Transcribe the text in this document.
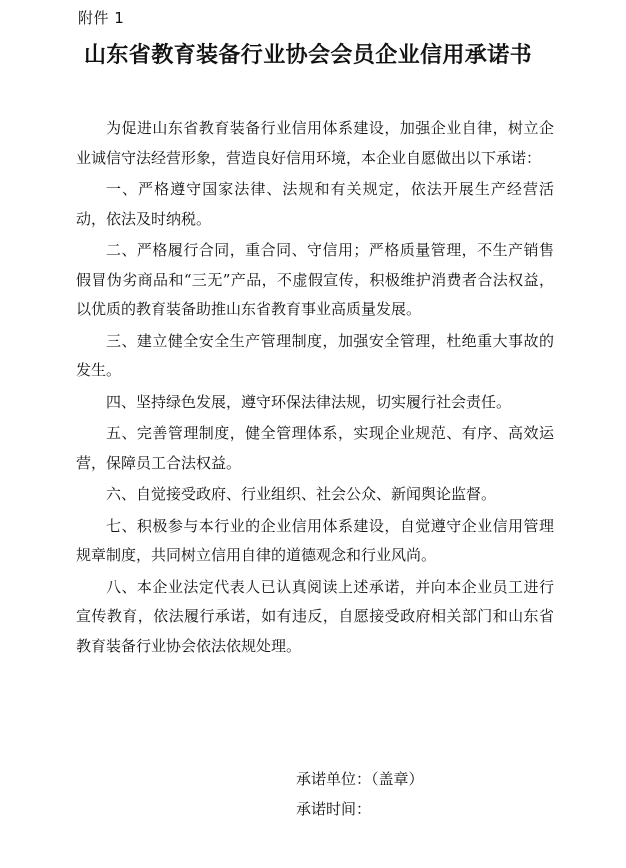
附件 1
山东省教育装备行业协会会员企业信用承诺书

为促进山东省教育装备行业信用体系建设，加强企业自律，树立企业诚信守法经营形象，营造良好信用环境，本企业自愿做出以下承诺：

一、严格遵守国家法律、法规和有关规定，依法开展生产经营活动，依法及时纳税。

二、严格履行合同，重合同、守信用；严格质量管理，不生产销售假冒伪劣商品和“三无”产品，不虚假宣传，积极维护消费者合法权益，以优质的教育装备助推山东省教育事业高质量发展。

三、建立健全安全生产管理制度，加强安全管理，杜绝重大事故的发生。

四、坚持绿色发展，遵守环保法律法规，切实履行社会责任。

五、完善管理制度，健全管理体系，实现企业规范、有序、高效运营，保障员工合法权益。

六、自觉接受政府、行业组织、社会公众、新闻舆论监督。

七、积极参与本行业的企业信用体系建设，自觉遵守企业信用管理规章制度，共同树立信用自律的道德观念和行业风尚。

八、本企业法定代表人已认真阅读上述承诺，并向本企业员工进行宣传教育，依法履行承诺，如有违反，自愿接受政府相关部门和山东省教育装备行业协会依法依规处理。

承诺单位：（盖章）
承诺时间：
